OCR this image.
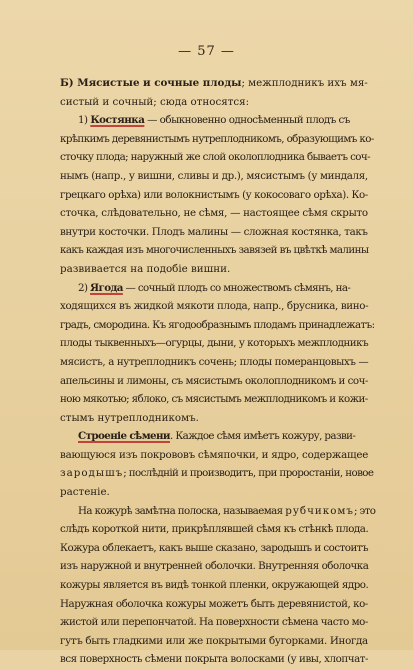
— 57 —
Б) Мясистые и сочные плоды; межплодникъ ихъ мя-
систый и сочный; сюда относятся:
1) Костянка — обыкновенно односѣменный плодъ съ
крѣпкимъ деревянистымъ нутреплодникомъ, образующимъ ко-
сточку плода; наружный же слой околоплодника бываетъ соч-
нымъ (напр., у вишни, сливы и др.), мясистымъ (у миндаля,
грецкаго орѣха) или волокнистымъ (у кокосоваго орѣха). Ко-
сточка, слѣдовательно, не сѣмя, — настоящее сѣмя скрыто
внутри косточки. Плодъ малины — сложная костянка, такъ
какъ каждая изъ многочисленныхъ завязей въ цвѣткѣ малины
развивается на подобіе вишни.
2) Ягода — сочный плодъ со множествомъ сѣмянъ, на-
ходящихся въ жидкой мякоти плода, напр., брусника, вино-
градъ, смородина. Къ ягодообразнымъ плодамъ принадлежатъ:
плоды тыквенныхъ—огурцы, дыни, у которыхъ межплодникъ
мясистъ, а нутреплодникъ сочень; плоды померанцовыхъ —
апельсины и лимоны, съ мясистымъ околоплодникомъ и соч-
ною мякотью; яблоко, съ мясистымъ межплодникомъ и кожи-
стымъ нутреплодникомъ.
Строеніе сѣмени. Каждое сѣмя имѣетъ кожуру, разви-
вающуюся изъ покрововъ сѣмяпочки, и ядро, содержащее
зародышъ; послѣдній и производитъ, при проростаніи, новое
растеніе.
На кожурѣ замѣтна полоска, называемая рубчикомъ; это
слѣдъ короткой нити, прикрѣплявшей сѣмя къ стѣнкѣ плода.
Кожура облекаетъ, какъ выше сказано, зародышъ и состоитъ
изъ наружной и внутренней оболочки. Внутренняя оболочка
кожуры является въ видѣ тонкой пленки, окружающей ядро.
Наружная оболочка кожуры можетъ быть деревянистой, ко-
жистой или перепончатой. На поверхности сѣмена часто мо-
гутъ быть гладкими или же покрытыми бугорками. Иногда
вся поверхность сѣмени покрыта волосками (у ивы, хлопчат-
